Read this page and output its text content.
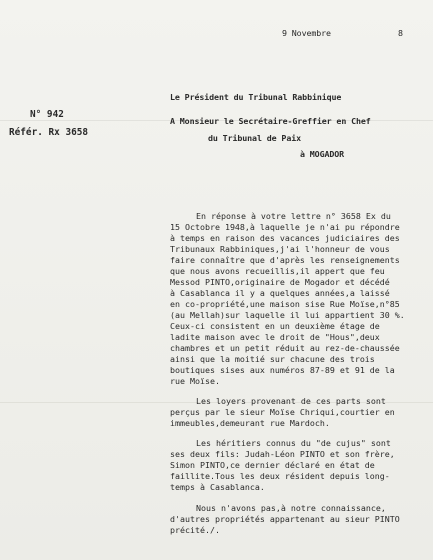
9 Novembre	8
Le Président du Tribunal Rabbinique
N° 942
Référ. Rx 3658
A Monsieur le Secrétaire-Greffier en Chef
du Tribunal de Paix
à MOGADOR
En réponse à votre lettre n° 3658 Ex du
15 Octobre 1948,à laquelle je n'ai pu répondre
à temps en raison des vacances judiciaires des
Tribunaux Rabbiniques,j'ai l'honneur de vous
faire connaître que d'après les renseignements
que nous avons recueillis,il appert que feu
Messod PINTO,originaire de Mogador et décédé
à Casablanca il y a quelques années,a laissé
en co-propriété,une maison sise Rue Moïse,n°85
(au Mellah)sur laquelle il lui appartient 30 %.
Ceux-ci consistent en un deuxième étage de
ladite maison avec le droit de "Hous",deux
chambres et un petit réduit au rez-de-chaussée
ainsi que la moitié sur chacune des trois
boutiques sises aux numéros 87-89 et 91 de la
rue Moïse.
Les loyers provenant de ces parts sont
perçus par le sieur Moïse Chriqui,courtier en
immeubles,demeurant rue Mardoch.
Les héritiers connus du "de cujus" sont
ses deux fils: Judah-Léon PINTO et son frère,
Simon PINTO,ce dernier déclaré en état de
faillite.Tous les deux résident depuis long-
temps à Casablanca.
Nous n'avons pas,à notre connaissance,
d'autres propriétés appartenant au sieur PINTO
précité./.
